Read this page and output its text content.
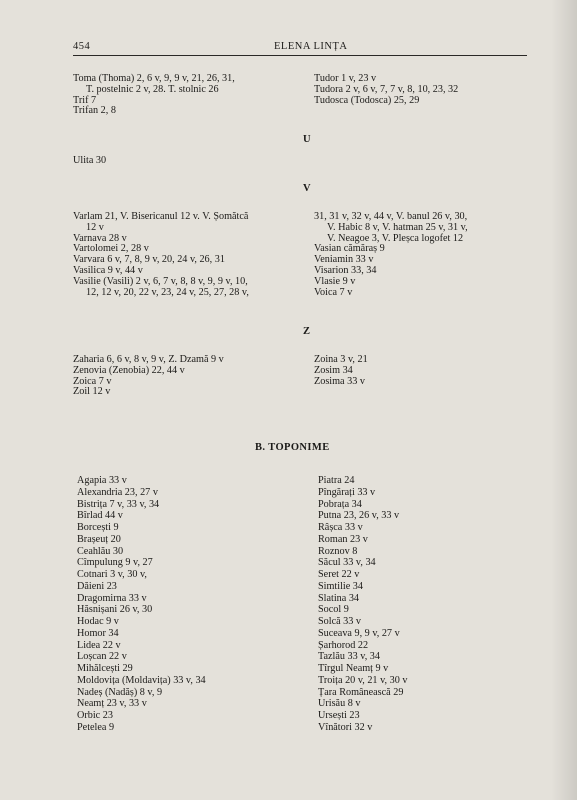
454	ELENA LINȚA
Toma (Thoma) 2, 6 v, 9, 9 v, 21, 26, 31,
T. postelnic 2 v, 28. T. stolnic 26
Trif 7
Trifan 2, 8
Tudor 1 v, 23 v
Tudora 2 v, 6 v, 7, 7 v, 8, 10, 23, 32
Tudosca (Todosca) 25, 29
U
Ulita 30
V
Varlam 21, V. Bisericanul 12 v. V. Șomătcă
12 v
Varnava 28 v
Vartolomei 2, 28 v
Varvara 6 v, 7, 8, 9 v, 20, 24 v, 26, 31
Vasilica 9 v, 44 v
Vasilie (Vasili) 2 v, 6, 7 v, 8, 8 v, 9, 9 v, 10,
12, 12 v, 20, 22 v, 23, 24 v, 25, 27, 28 v,
31, 31 v, 32 v, 44 v, V. banul 26 v, 30,
V. Habic 8 v, V. hatman 25 v, 31 v,
V. Neagoe 3, V. Pleșca logofet 12
Vasian cămăraș 9
Veniamin 33 v
Visarion 33, 34
Vlasie 9 v
Voica 7 v
Z
Zaharia 6, 6 v, 8 v, 9 v, Z. Dzamă 9 v
Zenovia (Zenobia) 22, 44 v
Zoica 7 v
Zoil 12 v
Zoina 3 v, 21
Zosim 34
Zosima 33 v
B. TOPONIME
Agapia 33 v
Alexandria 23, 27 v
Bistrița 7 v, 33 v, 34
Bîrlad 44 v
Borcești 9
Brașeuț 20
Ceahlău 30
Cîmpulung 9 v, 27
Cotnari 3 v, 30 v,
Dăieni 23
Dragomirna 33 v
Hăsnișani 26 v, 30
Hodac 9 v
Homor 34
Lidea 22 v
Loșcan 22 v
Mihălcești 29
Moldovița (Moldavița) 33 v, 34
Nadeș (Nadăș) 8 v, 9
Neamț 23 v, 33 v
Orbic 23
Petelea 9
Piatra 24
Pîngărați 33 v
Pobrața 34
Putna 23, 26 v, 33 v
Râșca 33 v
Roman 23 v
Roznov 8
Săcul 33 v, 34
Seret 22 v
Simtilie 34
Slatina 34
Socol 9
Solcă 33 v
Suceava 9, 9 v, 27 v
Șarhorod 22
Tazlău 33 v, 34
Tîrgul Neamț 9 v
Troița 20 v, 21 v, 30 v
Țara Românească 29
Urisău 8 v
Ursești 23
Vînători 32 v
